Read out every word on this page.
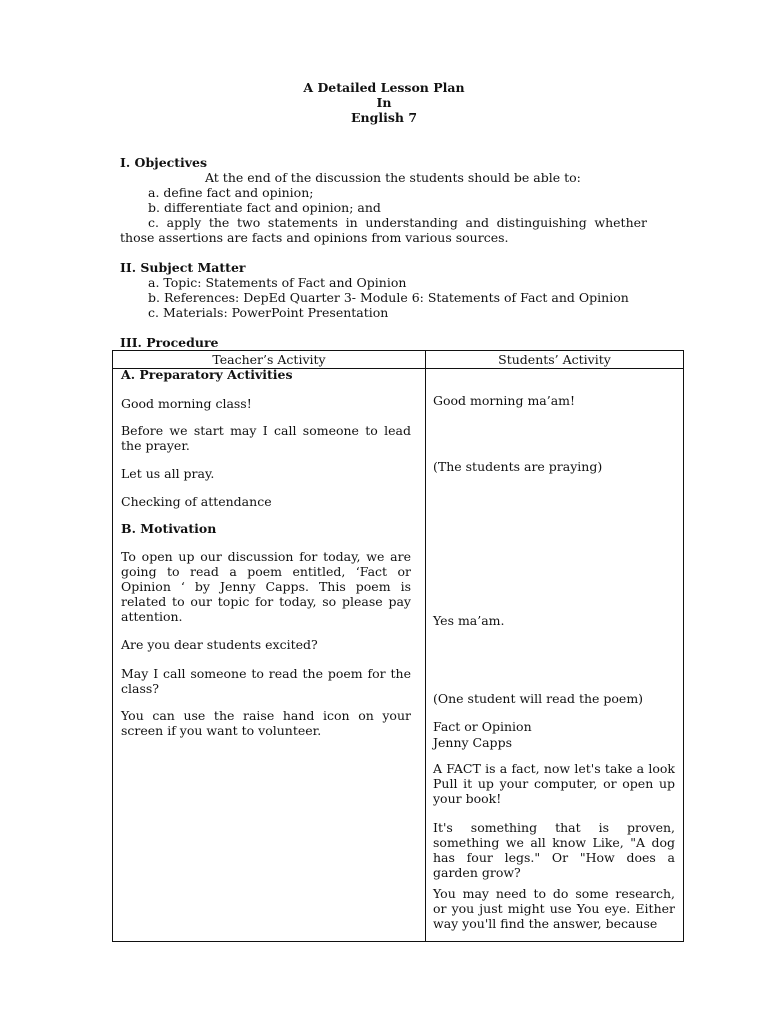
A Detailed Lesson Plan
In
English 7
I. Objectives
At the end of the discussion the students should be able to:
a. define fact and opinion;
b. differentiate fact and opinion; and
c. apply the two statements in understanding and distinguishing whether
those assertions are facts and opinions from various sources.
II. Subject Matter
a. Topic: Statements of Fact and Opinion
b. References: DepEd Quarter 3- Module 6: Statements of Fact and Opinion
c. Materials: PowerPoint Presentation
III. Procedure
Teacher’s Activity	Students’ Activity
A. Preparatory Activities
Good morning class!
Before we start may I call someone to lead the prayer.
Let us all pray.
Checking of attendance
B. Motivation
To open up our discussion for today, we are going to read a poem entitled, ‘Fact or Opinion ‘ by Jenny Capps. This poem is related to our topic for today, so please pay attention.
Are you dear students excited?
May I call someone to read the poem for the class?
You can use the raise hand icon on your screen if you want to volunteer.
Good morning ma’am!
(The students are praying)
Yes ma’am.
(One student will read the poem)
Fact or Opinion
Jenny Capps
A FACT is a fact, now let's take a look Pull it up your computer, or open up your book!
It's something that is proven, something we all know Like, "A dog has four legs." Or "How does a garden grow?
You may need to do some research, or you just might use You eye. Either way you'll find the answer, because
